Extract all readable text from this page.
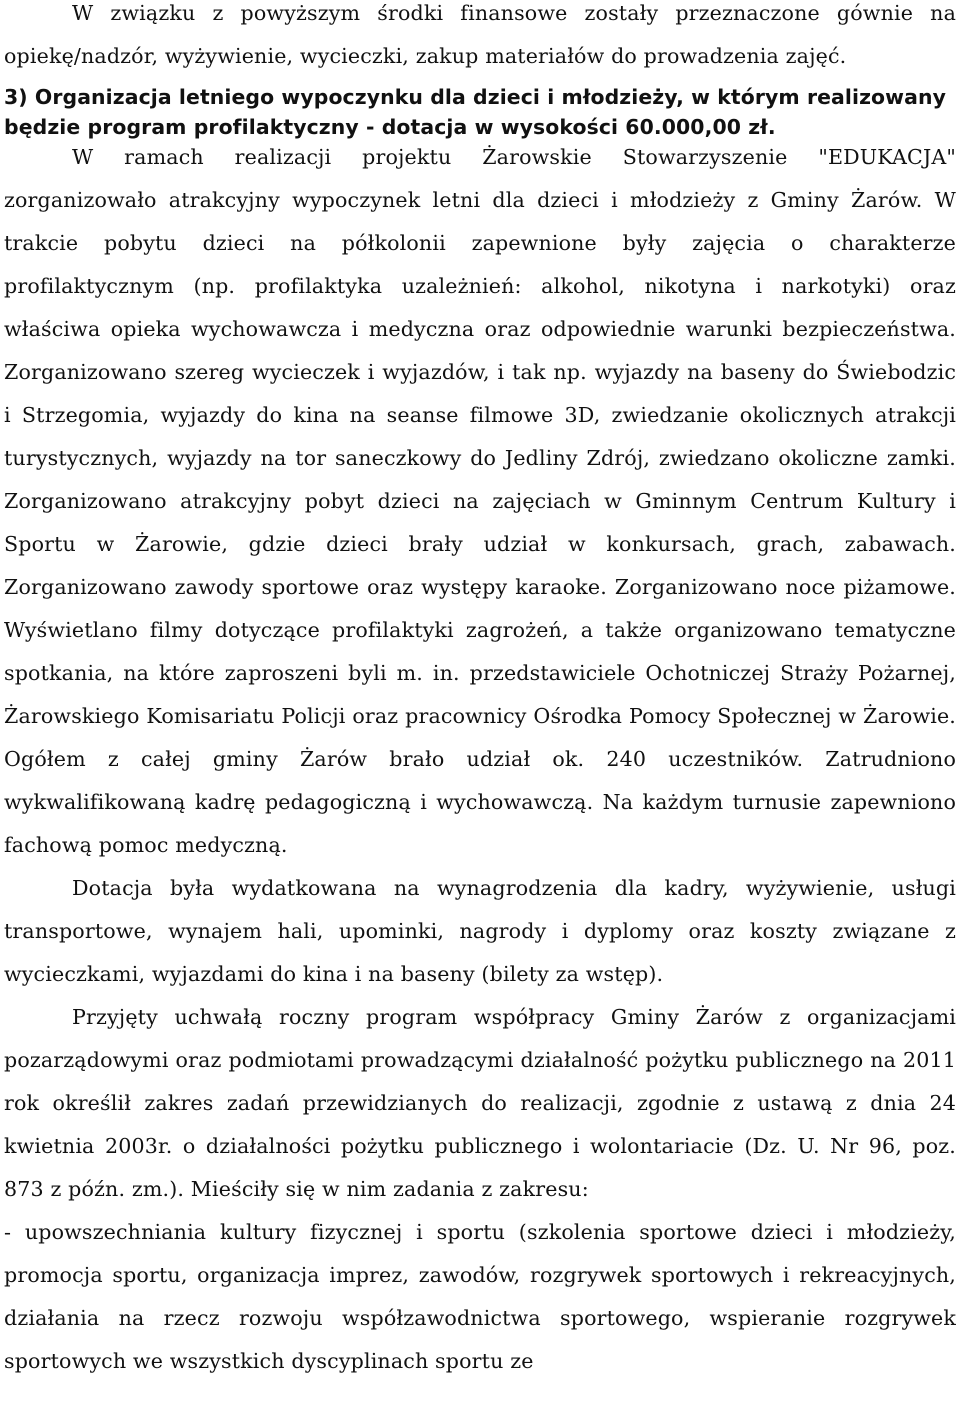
W związku z powyższym środki finansowe zostały przeznaczone gównie na opiekę/nadzór, wyżywienie, wycieczki, zakup materiałów do prowadzenia zajęć.

3) Organizacja letniego wypoczynku dla dzieci i młodzieży, w którym realizowany będzie program profilaktyczny - dotacja w wysokości 60.000,00 zł.

W ramach realizacji projektu Żarowskie Stowarzyszenie "EDUKACJA" zorganizowało atrakcyjny wypoczynek letni dla dzieci i młodzieży z Gminy Żarów. W trakcie pobytu dzieci na półkolonii zapewnione były zajęcia o charakterze profilaktycznym (np. profilaktyka uzależnień: alkohol, nikotyna i narkotyki) oraz właściwa opieka wychowawcza i medyczna oraz odpowiednie warunki bezpieczeństwa. Zorganizowano szereg wycieczek i wyjazdów, i tak np. wyjazdy na baseny do Świebodzic i Strzegomia, wyjazdy do kina na seanse filmowe 3D, zwiedzanie okolicznych atrakcji turystycznych, wyjazdy na tor saneczkowy do Jedliny Zdrój, zwiedzano okoliczne zamki. Zorganizowano atrakcyjny pobyt dzieci na zajęciach w Gminnym Centrum Kultury i Sportu w Żarowie, gdzie dzieci brały udział w konkursach, grach, zabawach. Zorganizowano zawody sportowe oraz występy karaoke. Zorganizowano noce piżamowe. Wyświetlano filmy dotyczące profilaktyki zagrożeń, a także organizowano tematyczne spotkania, na które zaproszeni byli m. in. przedstawiciele Ochotniczej Straży Pożarnej, Żarowskiego Komisariatu Policji oraz pracownicy Ośrodka Pomocy Społecznej w Żarowie. Ogółem z całej gminy Żarów brało udział ok. 240 uczestników. Zatrudniono wykwalifikowaną kadrę pedagogiczną i wychowawczą. Na każdym turnusie zapewniono fachową pomoc medyczną.

Dotacja była wydatkowana na wynagrodzenia dla kadry, wyżywienie, usługi transportowe, wynajem hali, upominki, nagrody i dyplomy oraz koszty związane z wycieczkami, wyjazdami do kina i na baseny (bilety za wstęp).

Przyjęty uchwałą roczny program współpracy Gminy Żarów z organizacjami pozarządowymi oraz podmiotami prowadzącymi działalność pożytku publicznego na 2011 rok określił zakres zadań przewidzianych do realizacji, zgodnie z ustawą z dnia 24 kwietnia 2003r. o działalności pożytku publicznego i wolontariacie (Dz. U. Nr 96, poz. 873 z późn. zm.). Mieściły się w nim zadania z zakresu:

- upowszechniania kultury fizycznej i sportu (szkolenia sportowe dzieci i młodzieży, promocja sportu, organizacja imprez, zawodów, rozgrywek sportowych i rekreacyjnych, działania na rzecz rozwoju współzawodnictwa sportowego, wspieranie rozgrywek sportowych we wszystkich dyscyplinach sportu ze
